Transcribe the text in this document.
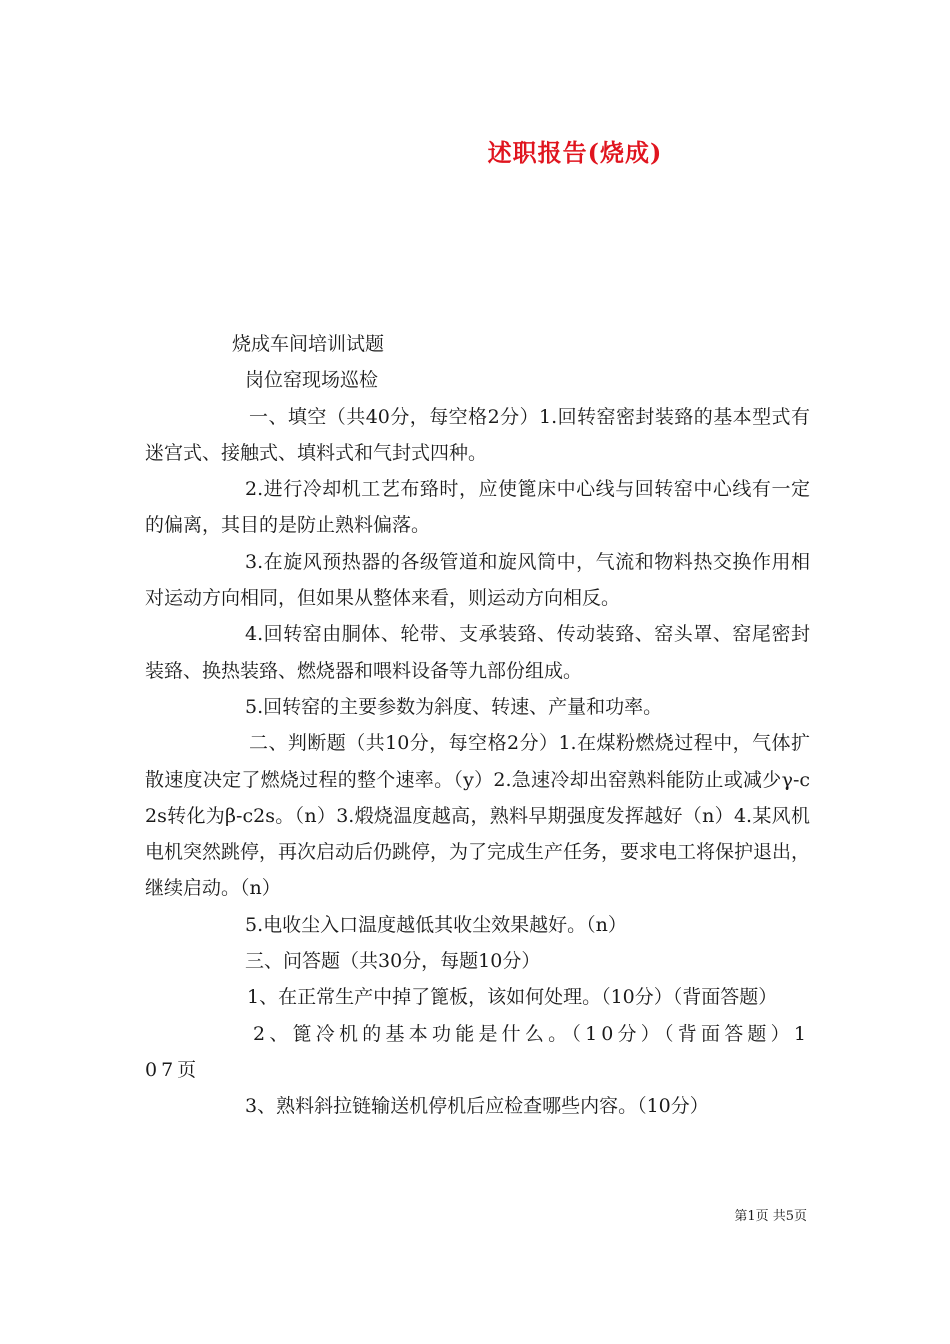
述职报告(烧成)

烧成车间培训试题

岗位窑现场巡检

一、填空（共40分，每空格2分）1.回转窑密封装臵的基本型式有迷宫式、接触式、填料式和气封式四种。

2.进行冷却机工艺布臵时，应使篦床中心线与回转窑中心线有一定的偏离，其目的是防止熟料偏落。

3.在旋风预热器的各级管道和旋风筒中，气流和物料热交换作用相对运动方向相同，但如果从整体来看，则运动方向相反。

4.回转窑由胴体、轮带、支承装臵、传动装臵、窑头罩、窑尾密封装臵、换热装臵、燃烧器和喂料设备等九部份组成。

5.回转窑的主要参数为斜度、转速、产量和功率。

二、判断题（共10分，每空格2分）1.在煤粉燃烧过程中，气体扩散速度决定了燃烧过程的整个速率。（y）2.急速冷却出窑熟料能防止或减少γ-c2s转化为β-c2s。（n）3.煅烧温度越高，熟料早期强度发挥越好（n）4.某风机电机突然跳停，再次启动后仍跳停，为了完成生产任务，要求电工将保护退出，继续启动。（n）

5.电收尘入口温度越低其收尘效果越好。（n）

三、问答题（共30分，每题10分）

1、在正常生产中掉了篦板，该如何处理。（10分）（背面答题）

2、篦冷机的基本功能是什么。（10分）（背面答题）107页

3、熟料斜拉链输送机停机后应检查哪些内容。（10分）

第1页 共5页
